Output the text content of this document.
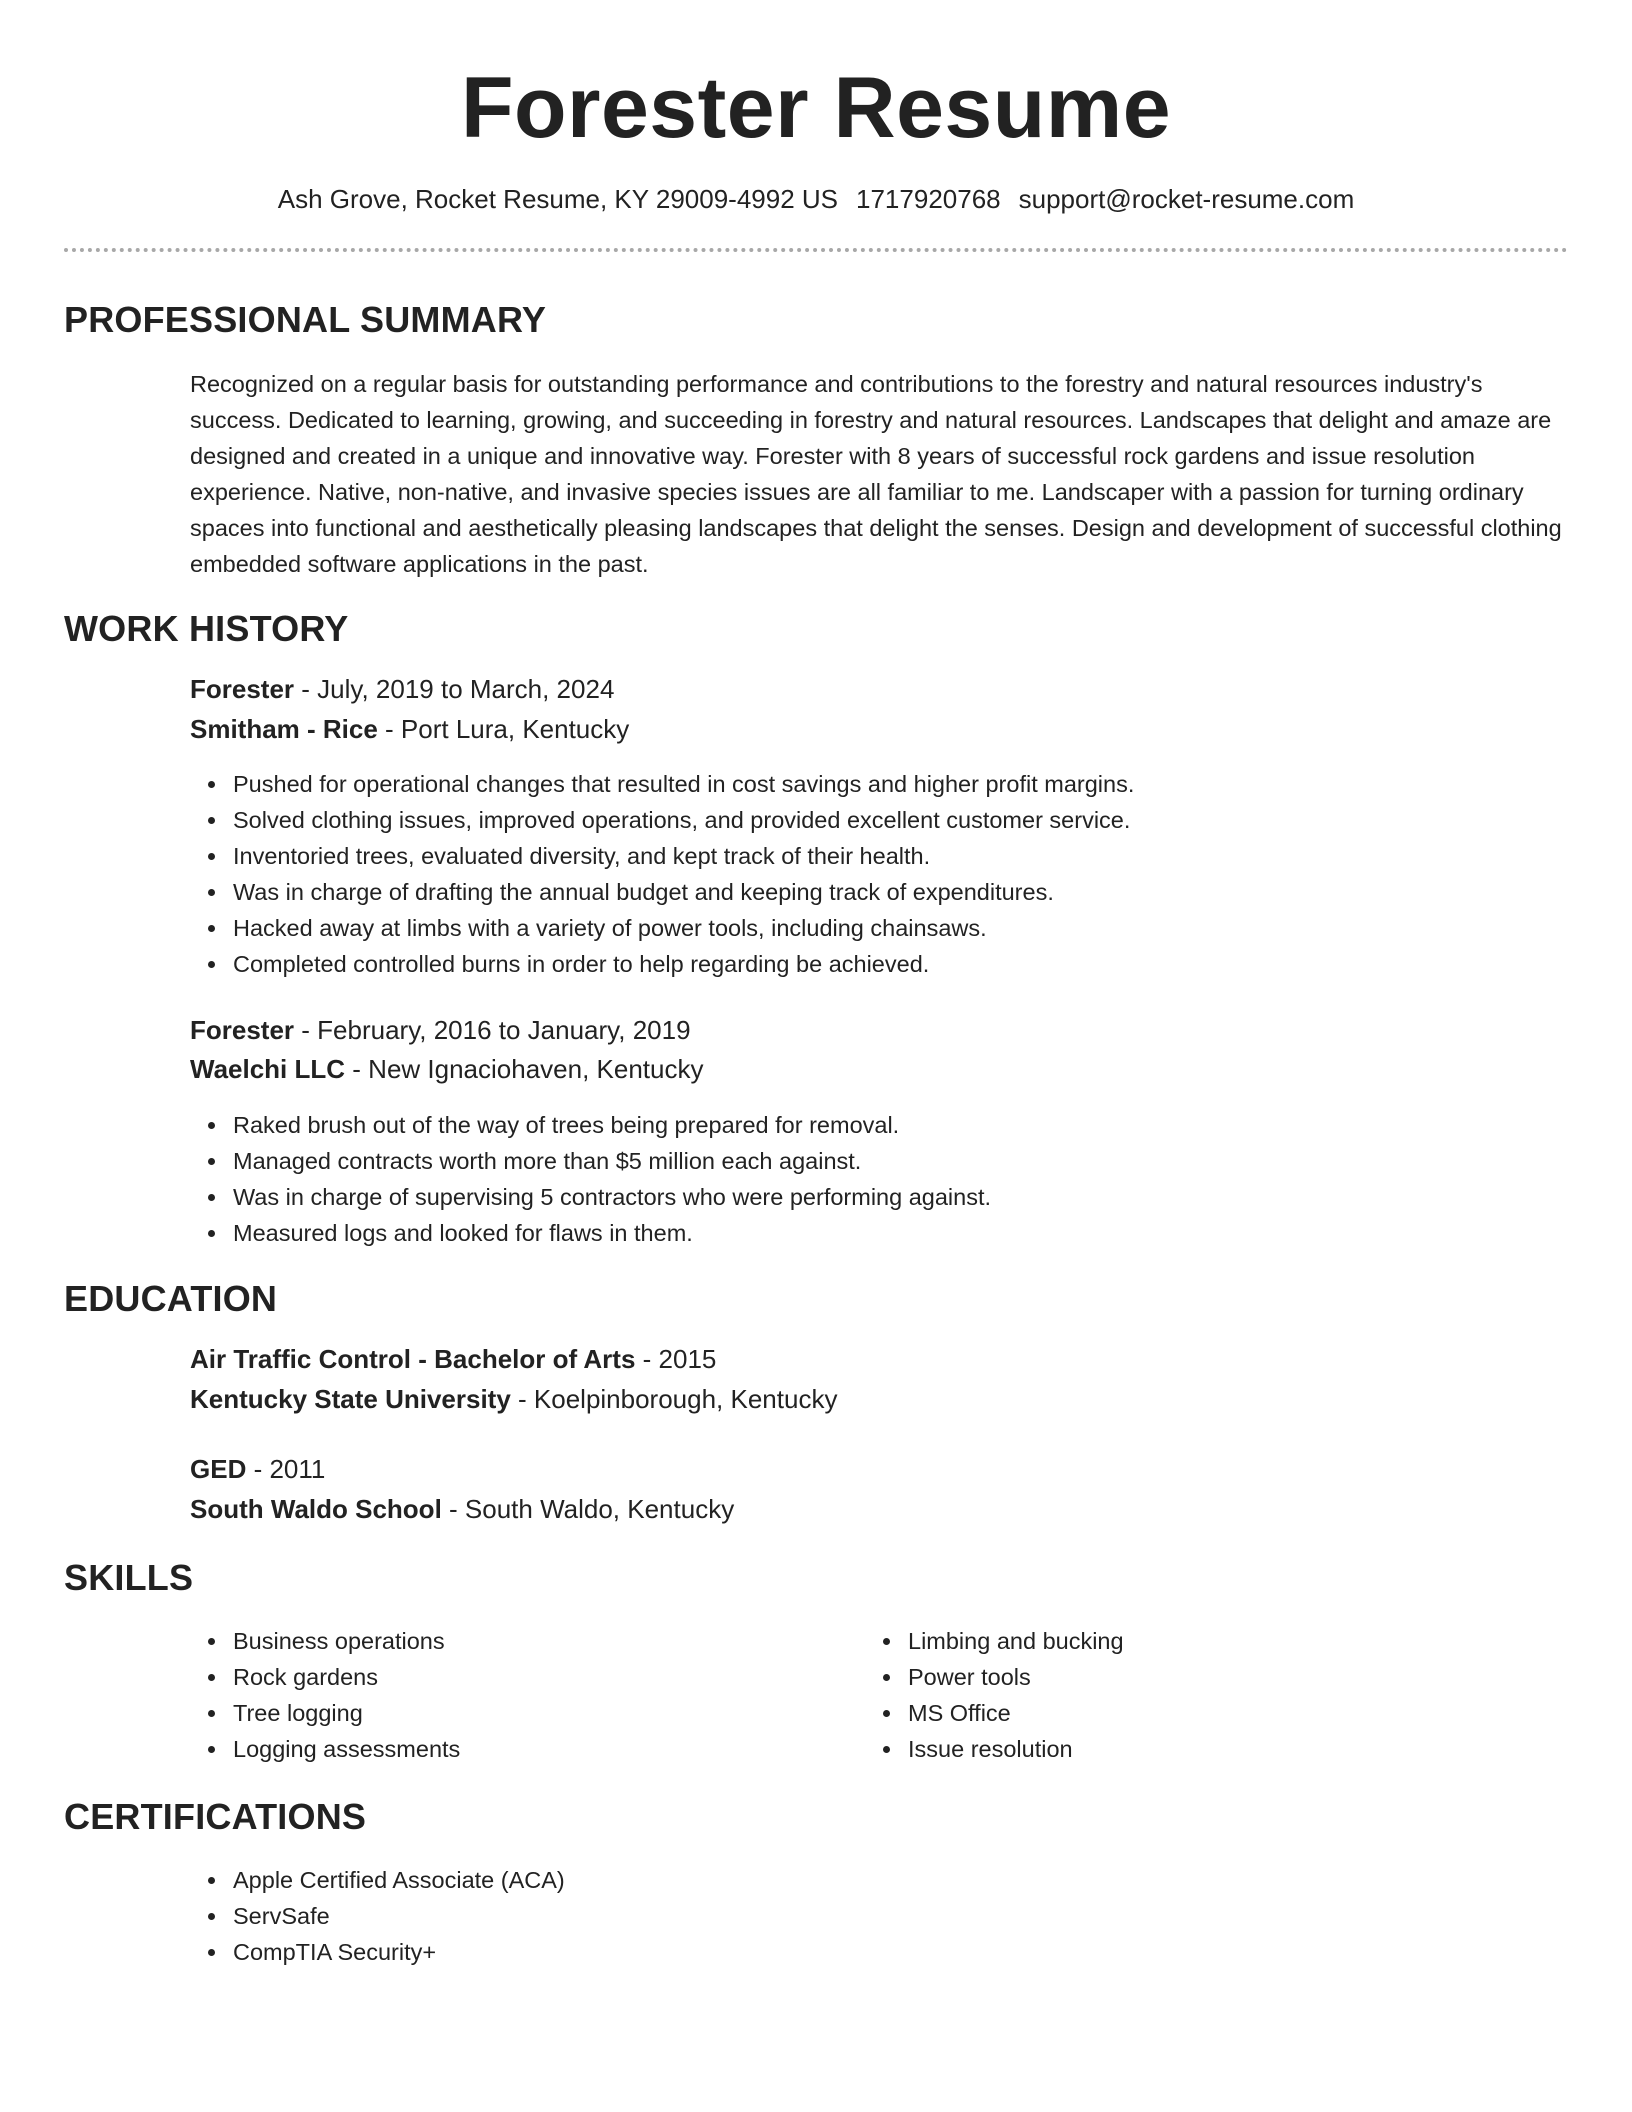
Forester Resume
Ash Grove, Rocket Resume, KY 29009-4992 US 1717920768 support@rocket-resume.com
PROFESSIONAL SUMMARY

Recognized on a regular basis for outstanding performance and contributions to the forestry and natural resources industry's success. Dedicated to learning, growing, and succeeding in forestry and natural resources. Landscapes that delight and amaze are designed and created in a unique and innovative way. Forester with 8 years of successful rock gardens and issue resolution experience. Native, non-native, and invasive species issues are all familiar to me. Landscaper with a passion for turning ordinary spaces into functional and aesthetically pleasing landscapes that delight the senses. Design and development of successful clothing embedded software applications in the past.

WORK HISTORY
Forester - July, 2019 to March, 2024
Smitham - Rice - Port Lura, Kentucky
Pushed for operational changes that resulted in cost savings and higher profit margins.
Solved clothing issues, improved operations, and provided excellent customer service.
Inventoried trees, evaluated diversity, and kept track of their health.
Was in charge of drafting the annual budget and keeping track of expenditures.
Hacked away at limbs with a variety of power tools, including chainsaws.
Completed controlled burns in order to help regarding be achieved.
Forester - February, 2016 to January, 2019
Waelchi LLC - New Ignaciohaven, Kentucky
Raked brush out of the way of trees being prepared for removal.
Managed contracts worth more than $5 million each against.
Was in charge of supervising 5 contractors who were performing against.
Measured logs and looked for flaws in them.
EDUCATION
Air Traffic Control - Bachelor of Arts - 2015
Kentucky State University - Koelpinborough, Kentucky
GED - 2011
South Waldo School - South Waldo, Kentucky
SKILLS
Business operations
Rock gardens
Tree logging
Logging assessments
Limbing and bucking
Power tools
MS Office
Issue resolution
CERTIFICATIONS
Apple Certified Associate (ACA)
ServSafe
CompTIA Security+
